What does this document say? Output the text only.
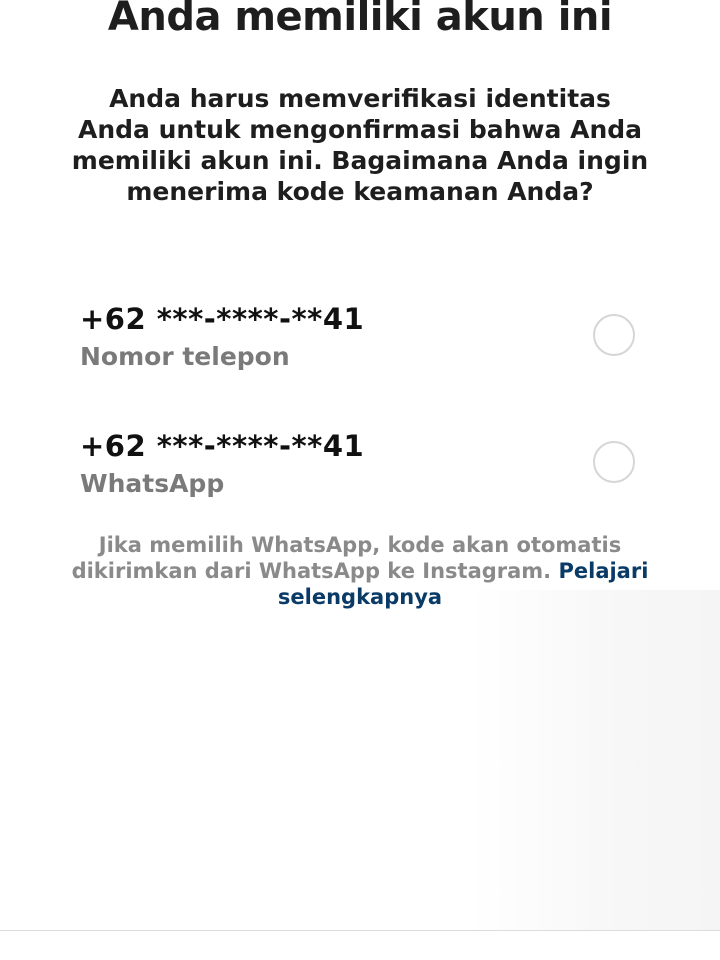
Anda memiliki akun ini

Anda harus memverifikasi identitas Anda untuk mengonfirmasi bahwa Anda memiliki akun ini. Bagaimana Anda ingin menerima kode keamanan Anda?

+62 ***-****-**41
Nomor telepon
+62 ***-****-**41
WhatsApp

Jika memilih WhatsApp, kode akan otomatis dikirimkan dari WhatsApp ke Instagram. Pelajari selengkapnya
